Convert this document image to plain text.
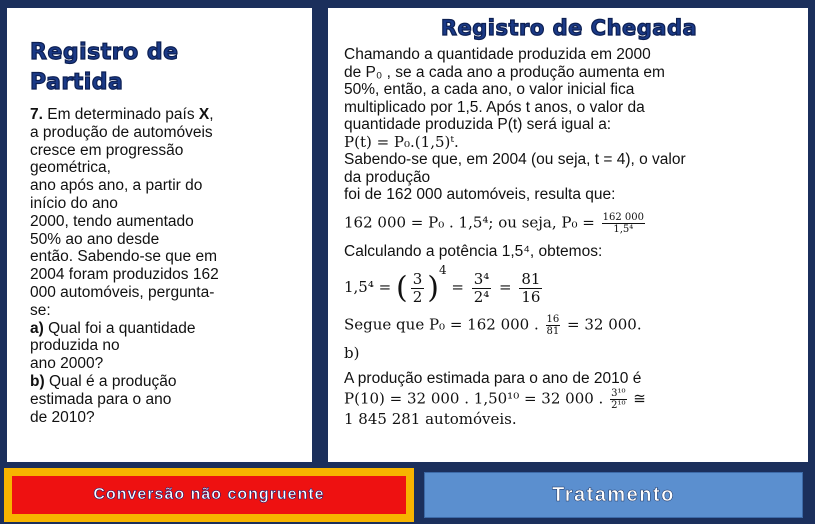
Registro de
Partida

7. Em determinado país X,

a produção de automóveis

cresce em progressão

geométrica,

ano após ano, a partir do

início do ano

2000, tendo aumentado

50% ao ano desde

então. Sabendo-se que em

2004 foram produzidos 162

000 automóveis, pergunta-

se:

a) Qual foi a quantidade

produzida no

ano 2000?

b) Qual é a produção

estimada para o ano

de 2010?

Registro de Chegada

Chamando a quantidade produzida em 2000

de P₀ , se a cada ano a produção aumenta em

50%, então, a cada ano, o valor inicial fica

multiplicado por 1,5. Após t anos, o valor da

quantidade produzida P(t) será igual a:

P(t) = P₀.(1,5)ᵗ.

Sabendo-se que, em 2004 (ou seja, t = 4), o valor

da produção

foi de 162 000 automóveis, resulta que:

162 000 = P₀ . 1,5⁴; ou seja, $P_0 = \frac{162 000}{\text{1,5⁴}}$

Calculando a potência 1,5⁴, obtemos:

1,5⁴ = ( $\frac{3}{2} )^4 = \frac{\text{3⁴}}{\text{2⁴}} = \frac{81}{16}$

Segue que P₀ = 162 000 . $\frac{16}{81} = 32$ 000.

b)

A produção estimada para o ano de 2010 é

P(10) = 32 000 . 1,50¹⁰ = 32 000 . $\frac{\text{3¹⁰}}{\text{2¹⁰}}$ ≅

1 845 281 automóveis.

Conversão não congruente	Tratamento
